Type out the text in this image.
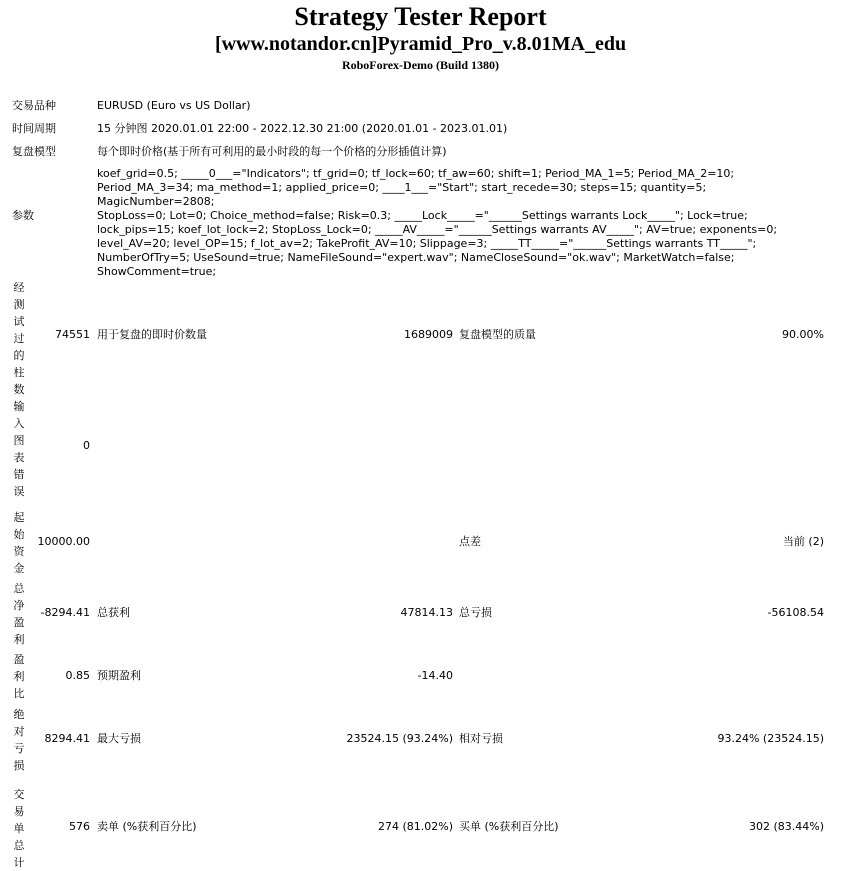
Strategy Tester Report
[www.notandor.cn]Pyramid_Pro_v.8.01MA_edu
RoboForex-Demo (Build 1380)
交易品种	EURUSD (Euro vs US Dollar)
时间周期	15 分钟图 2020.01.01 22:00 - 2022.12.30 21:00 (2020.01.01 - 2023.01.01)
复盘模型	每个即时价格(基于所有可利用的最小时段的每一个价格的分形插值计算)
参数
koef_grid=0.5; _____0___="Indicators"; tf_grid=0; tf_lock=60; tf_aw=60; shift=1; Period_MA_1=5; Period_MA_2=10;
Period_MA_3=34; ma_method=1; applied_price=0; ____1___="Start"; start_recede=30; steps=15; quantity=5; MagicNumber=2808;
StopLoss=0; Lot=0; Choice_method=false; Risk=0.3; _____Lock_____="______Settings warrants Lock_____"; Lock=true;
lock_pips=15; koef_lot_lock=2; StopLoss_Lock=0; _____AV_____="______Settings warrants AV_____"; AV=true; exponents=0;
level_AV=20; level_OP=15; f_lot_av=2; TakeProfit_AV=10; Slippage=3; _____TT_____="______Settings warrants TT_____";
NumberOfTry=5; UseSound=true; NameFileSound="expert.wav"; NameCloseSound="ok.wav"; MarketWatch=false;
ShowComment=true;
经测试过的柱数
74551 用于复盘的即时价数量	1689009 复盘模型的质量	90.00%
输入图表错误
0
起始资金
10000.00	点差	当前 (2)
总净盈利
-8294.41 总获利	47814.13 总亏损	-56108.54
盈利比
0.85 预期盈利	-14.40
绝对亏损
8294.41 最大亏损	23524.15 (93.24%) 相对亏损	93.24% (23524.15)
交易单总计
576 卖单 (%获利百分比)	274 (81.02%) 买单 (%获利百分比)	302 (83.44%)
